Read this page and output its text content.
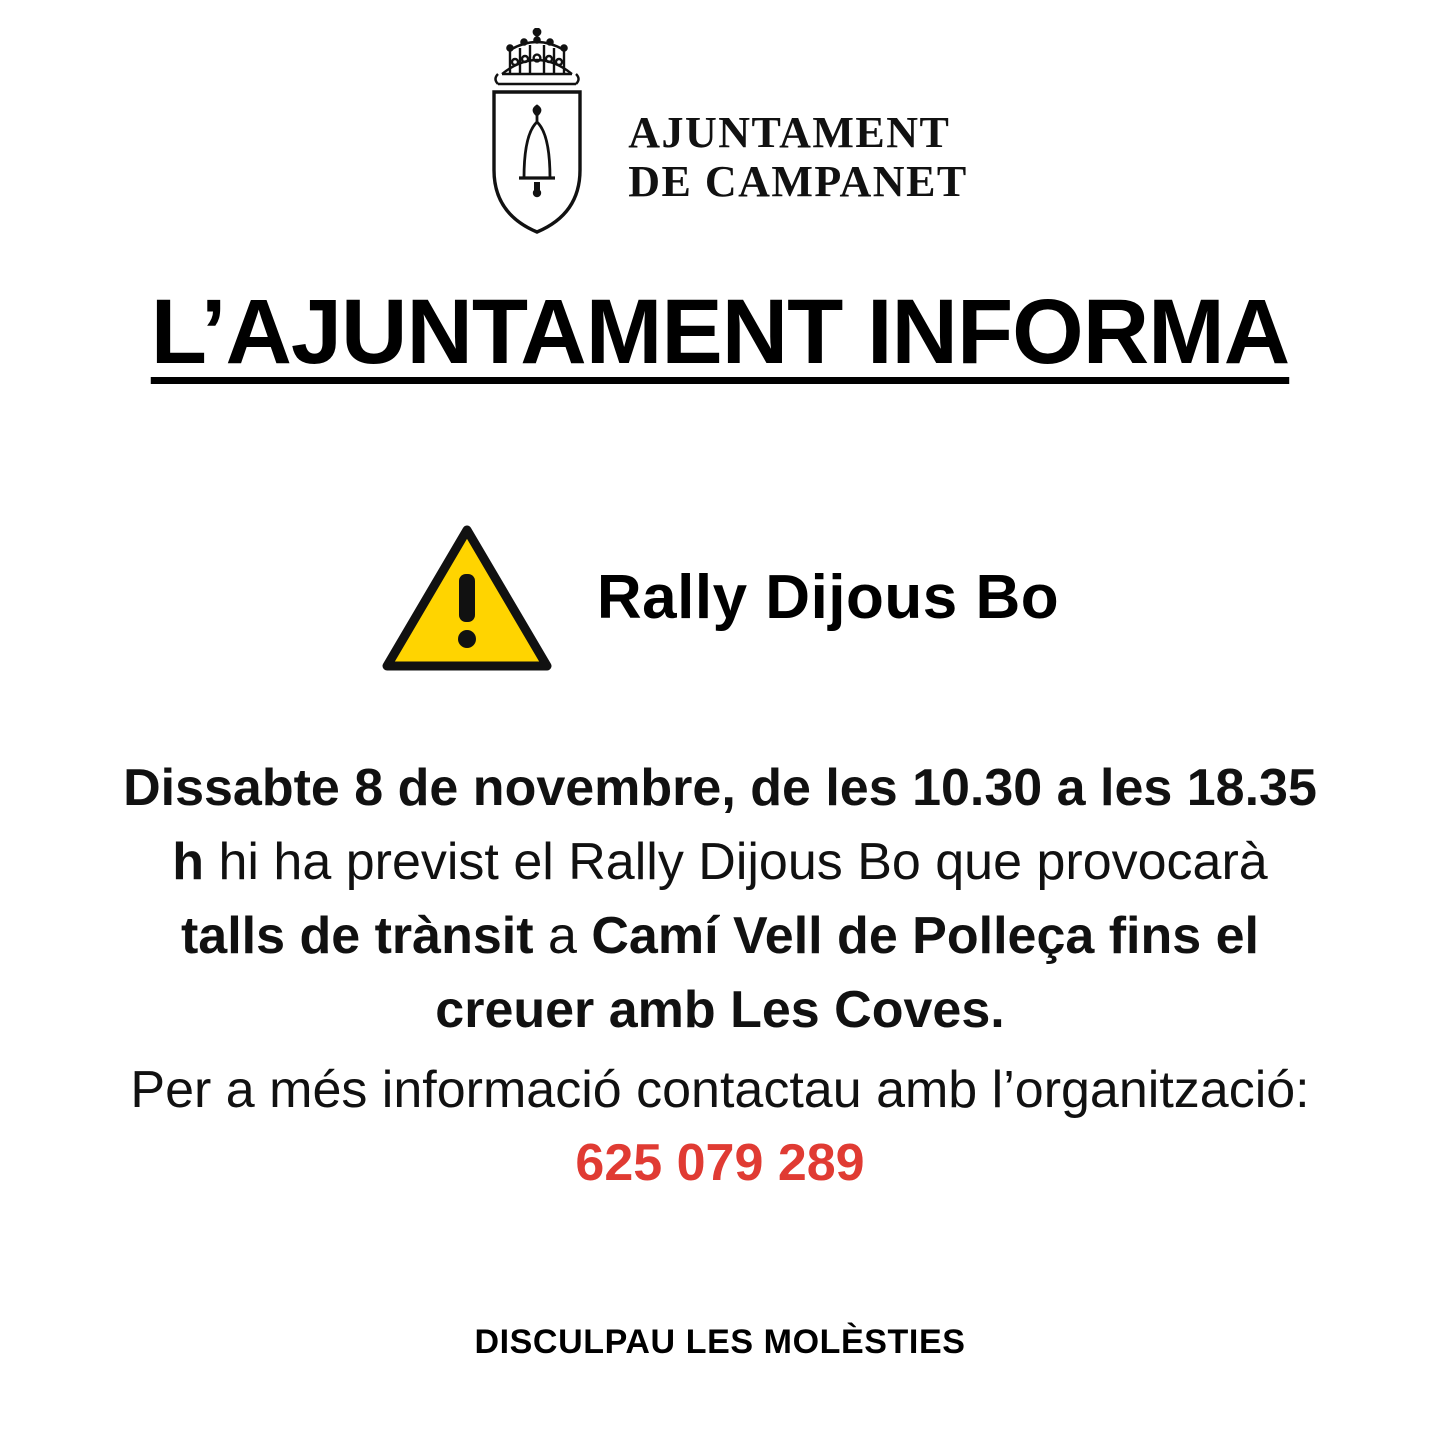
AJUNTAMENT
DE CAMPANET
L’AJUNTAMENT INFORMA
Rally Dijous Bo
Dissabte 8 de novembre, de les 10.30 a les 18.35 h hi ha previst el Rally Dijous Bo que provocarà talls de trànsit a Camí Vell de Polleça fins el creuer amb Les Coves.
Per a més informació contactau amb l’organització: 625 079 289
DISCULPAU LES MOLÈSTIES
